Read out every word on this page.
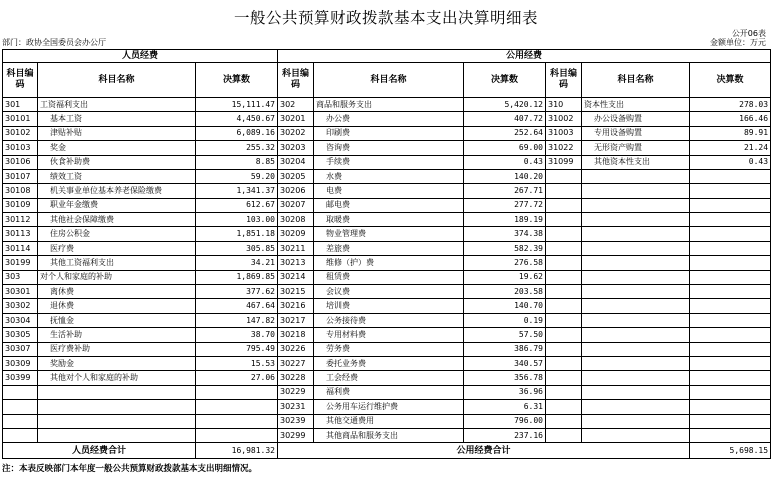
一般公共预算财政拨款基本支出决算明细表
公开06表
部门：政协全国委员会办公厅	金额单位：万元
人员经费			公用经费					
科目编码	科目名称	决算数	科目编码	科目名称	决算数	科目编码	科目名称	决算数
301	工资福利支出	15,111.47	302	商品和服务支出	5,420.12	310	资本性支出	278.03
30101	基本工资	4,450.67	30201	办公费	407.72	31002	办公设备购置	166.46
30102	津贴补贴	6,089.16	30202	印刷费	252.64	31003	专用设备购置	89.91
30103	奖金	255.32	30203	咨询费	69.00	31022	无形资产购置	21.24
30106	伙食补助费	8.85	30204	手续费	0.43	31099	其他资本性支出	0.43
30107	绩效工资	59.20	30205	水费	140.20			
30108	机关事业单位基本养老保险缴费	1,341.37	30206	电费	267.71			
30109	职业年金缴费	612.67	30207	邮电费	277.72			
30112	其他社会保障缴费	103.00	30208	取暖费	189.19			
30113	住房公积金	1,851.18	30209	物业管理费	374.38			
30114	医疗费	305.85	30211	差旅费	582.39			
30199	其他工资福利支出	34.21	30213	维修（护）费	276.58			
303	对个人和家庭的补助	1,869.85	30214	租赁费	19.62			
30301	离休费	377.62	30215	会议费	203.58			
30302	退休费	467.64	30216	培训费	140.70			
30304	抚恤金	147.82	30217	公务接待费	0.19			
30305	生活补助	38.70	30218	专用材料费	57.50			
30307	医疗费补助	795.49	30226	劳务费	386.79			
30309	奖励金	15.53	30227	委托业务费	340.57			
30399	其他对个人和家庭的补助	27.06	30228	工会经费	356.78			
			30229	福利费	36.96			
			30231	公务用车运行维护费	6.31			
			30239	其他交通费用	796.00			
			30299	其他商品和服务支出	237.16			
人员经费合计		16,981.32	公用经费合计					5,698.15
注：本表反映部门本年度一般公共预算财政拨款基本支出明细情况。
